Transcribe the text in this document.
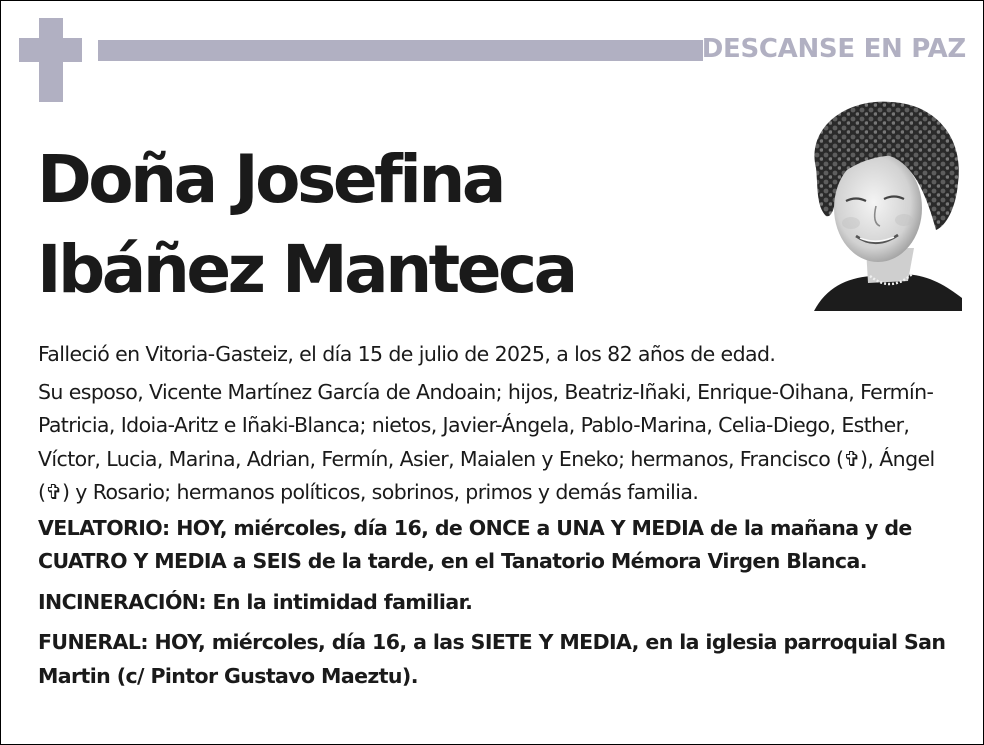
DESCANSE EN PAZ
Doña Josefina
Ibáñez Manteca

Falleció en Vitoria-Gasteiz, el día 15 de julio de 2025, a los 82 años de edad.

Su esposo, Vicente Martínez García de Andoain; hijos, Beatriz-Iñaki, Enrique-Oihana, Fermín-Patricia, Idoia-Aritz e Iñaki-Blanca; nietos, Javier-Ángela, Pablo-Marina, Celia-Diego, Esther, Víctor, Lucia, Marina, Adrian, Fermín, Asier, Maialen y Eneko; hermanos, Francisco (✞), Ángel (✞) y Rosario; hermanos políticos, sobrinos, primos y demás familia.

VELATORIO: HOY, miércoles, día 16, de ONCE a UNA Y MEDIA de la mañana y de CUATRO Y MEDIA a SEIS de la tarde, en el Tanatorio Mémora Virgen Blanca.

INCINERACIÓN: En la intimidad familiar.

FUNERAL: HOY, miércoles, día 16, a las SIETE Y MEDIA, en la iglesia parroquial San Martin (c/ Pintor Gustavo Maeztu).
